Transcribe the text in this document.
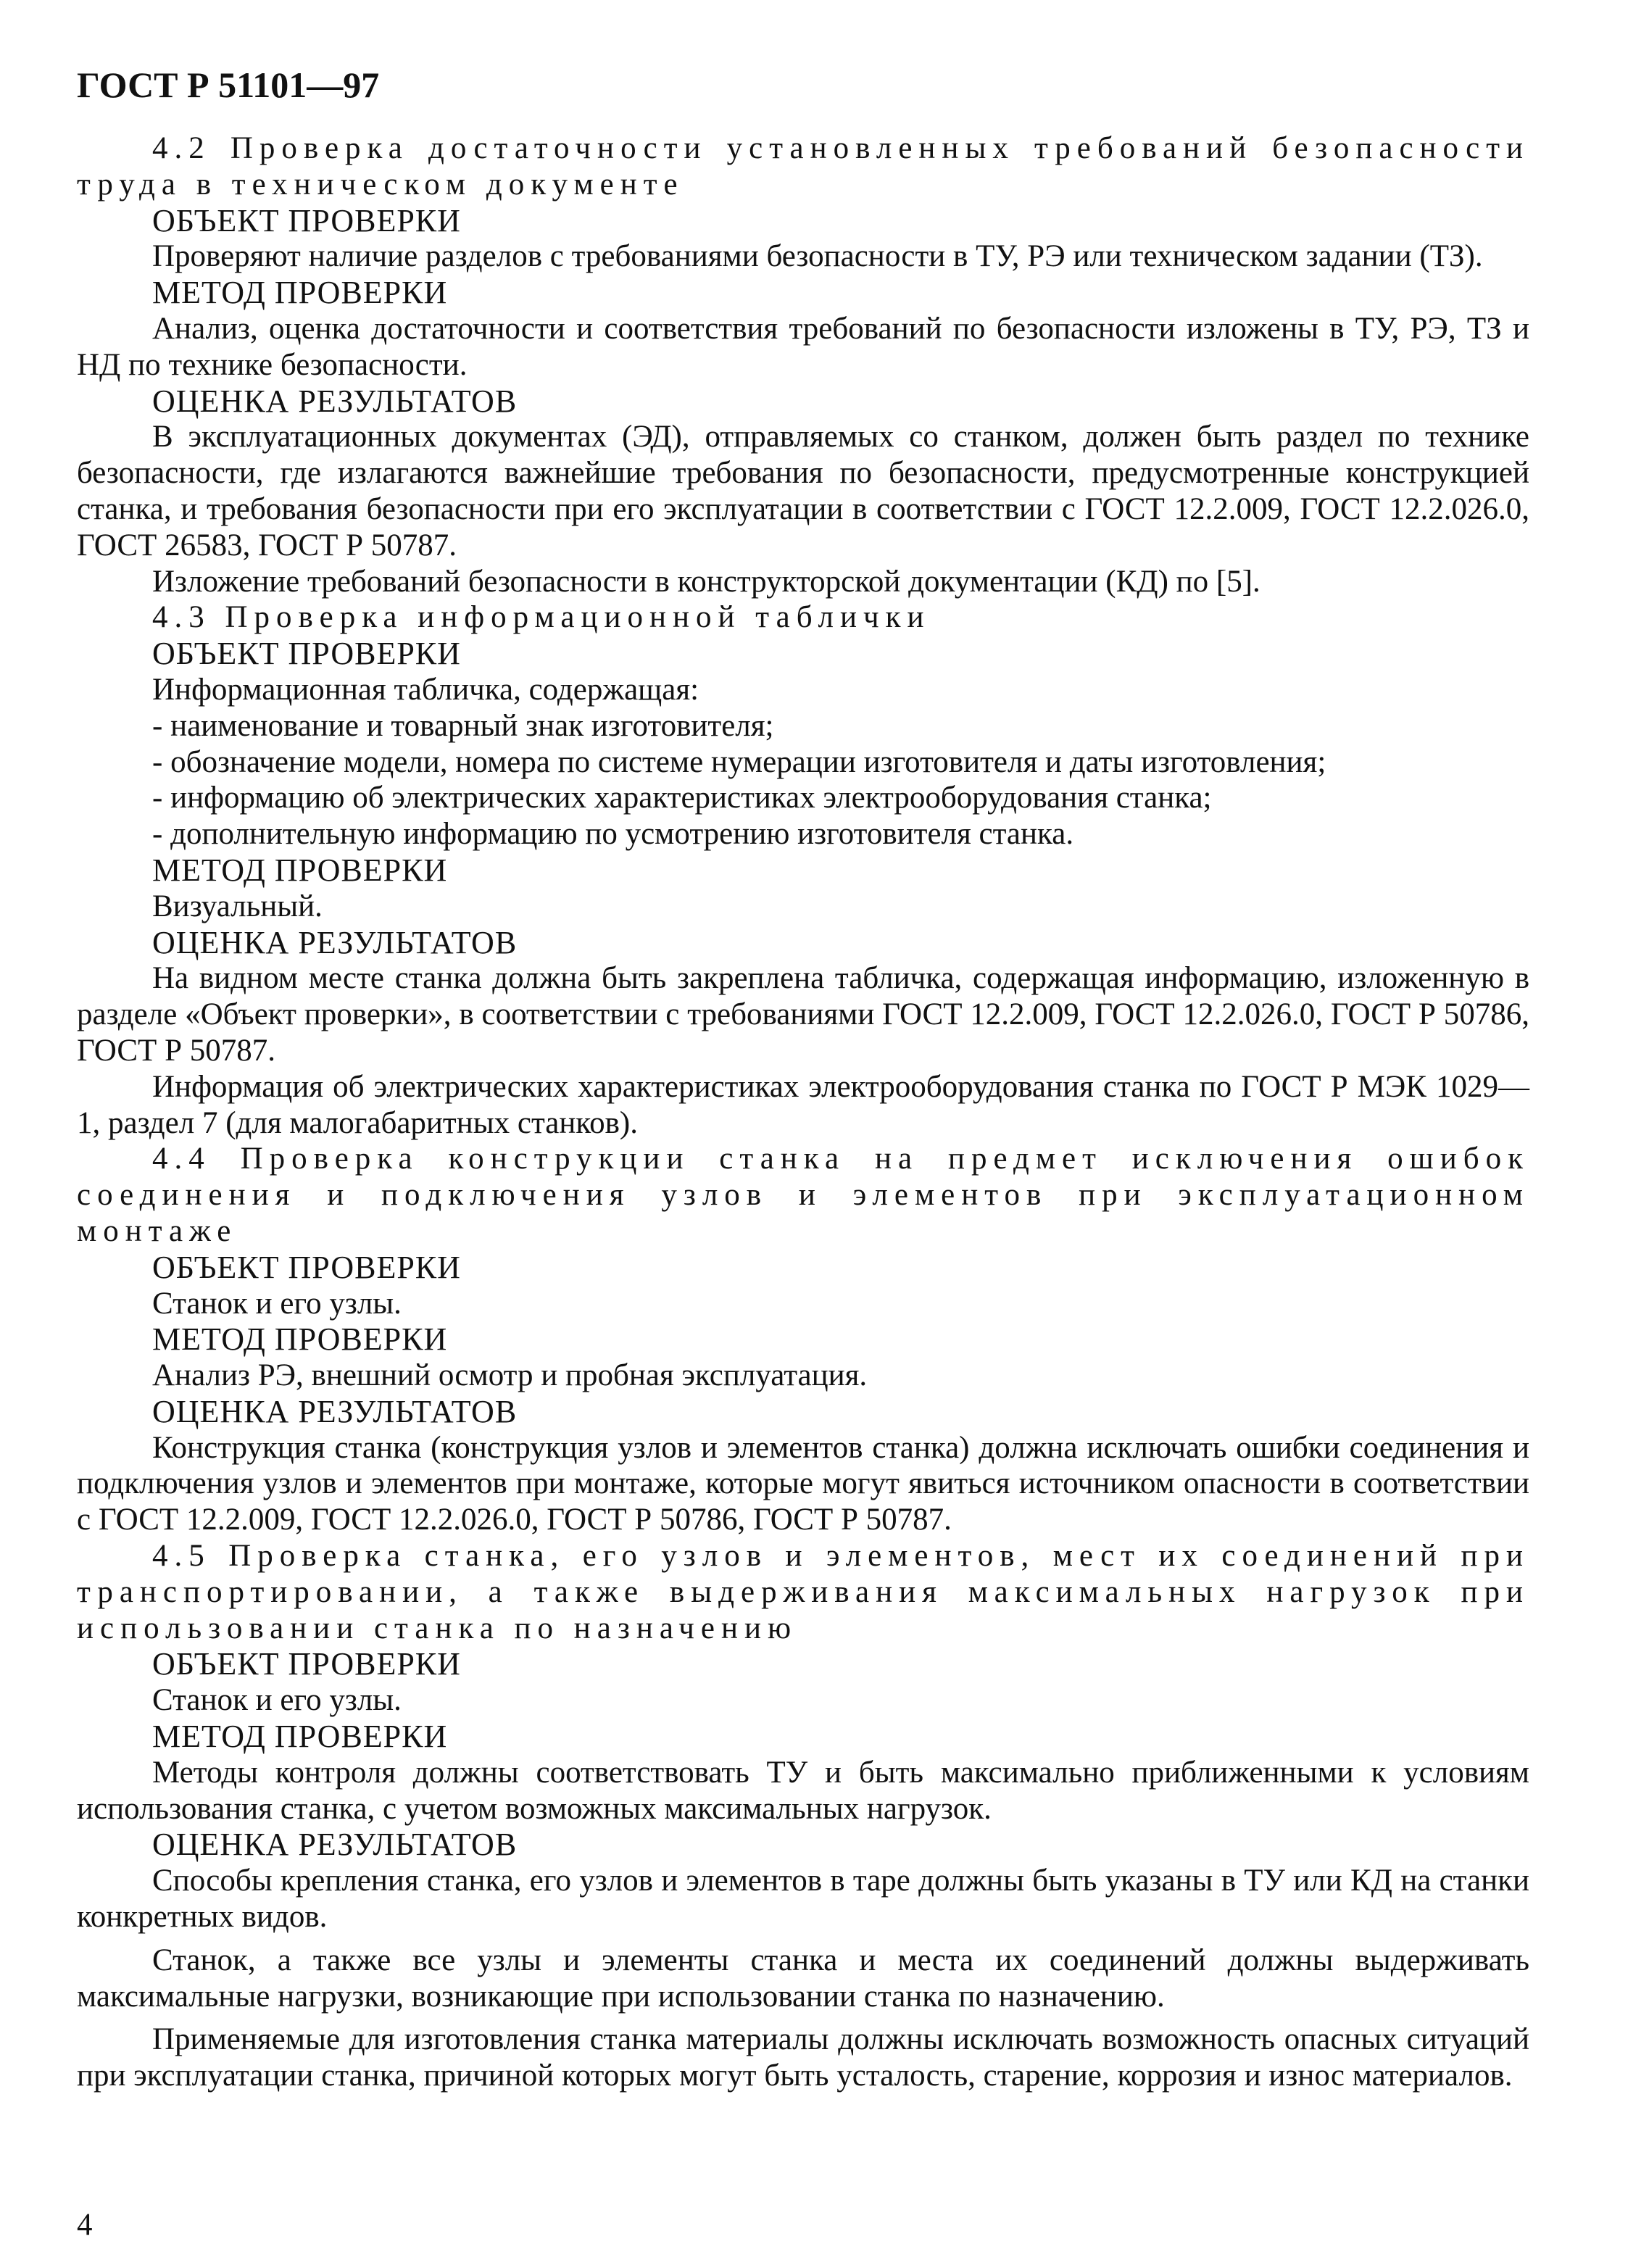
ГОСТ Р 51101—97

4.2 Проверка достаточности установленных требований безопасности труда в техническом документе

ОБЪЕКТ ПРОВЕРКИ

Проверяют наличие разделов с требованиями безопасности в ТУ, РЭ или техническом задании (ТЗ).

МЕТОД ПРОВЕРКИ

Анализ, оценка достаточности и соответствия требований по безопасности изложены в ТУ, РЭ, ТЗ и НД по технике безопасности.

ОЦЕНКА РЕЗУЛЬТАТОВ

В эксплуатационных документах (ЭД), отправляемых со станком, должен быть раздел по технике безопасности, где излагаются важнейшие требования по безопасности, предусмотренные конструкцией станка, и требования безопасности при его эксплуатации в соответствии с ГОСТ 12.2.009, ГОСТ 12.2.026.0, ГОСТ 26583, ГОСТ Р 50787.

Изложение требований безопасности в конструкторской документации (КД) по [5].

4.3 Проверка информационной таблички

ОБЪЕКТ ПРОВЕРКИ

Информационная табличка, содержащая:

- наименование и товарный знак изготовителя;

- обозначение модели, номера по системе нумерации изготовителя и даты изготовления;

- информацию об электрических характеристиках электрооборудования станка;

- дополнительную информацию по усмотрению изготовителя станка.

МЕТОД ПРОВЕРКИ

Визуальный.

ОЦЕНКА РЕЗУЛЬТАТОВ

На видном месте станка должна быть закреплена табличка, содержащая информацию, изложенную в разделе «Объект проверки», в соответствии с требованиями ГОСТ 12.2.009, ГОСТ 12.2.026.0, ГОСТ Р 50786, ГОСТ Р 50787.

Информация об электрических характеристиках электрооборудования станка по ГОСТ Р МЭК 1029—1, раздел 7 (для малогабаритных станков).

4.4 Проверка конструкции станка на предмет исключения ошибок соединения и подключения узлов и элементов при эксплуатационном монтаже

ОБЪЕКТ ПРОВЕРКИ

Станок и его узлы.

МЕТОД ПРОВЕРКИ

Анализ РЭ, внешний осмотр и пробная эксплуатация.

ОЦЕНКА РЕЗУЛЬТАТОВ

Конструкция станка (конструкция узлов и элементов станка) должна исключать ошибки соединения и подключения узлов и элементов при монтаже, которые могут явиться источником опасности в соответствии с ГОСТ 12.2.009, ГОСТ 12.2.026.0, ГОСТ Р 50786, ГОСТ Р 50787.

4.5 Проверка станка, его узлов и элементов, мест их соединений при транспортировании, а также выдерживания максимальных нагрузок при использовании станка по назначению

ОБЪЕКТ ПРОВЕРКИ

Станок и его узлы.

МЕТОД ПРОВЕРКИ

Методы контроля должны соответствовать ТУ и быть максимально приближенными к условиям использования станка, с учетом возможных максимальных нагрузок.

ОЦЕНКА РЕЗУЛЬТАТОВ

Способы крепления станка, его узлов и элементов в таре должны быть указаны в ТУ или КД на станки конкретных видов.

Станок, а также все узлы и элементы станка и места их соединений должны выдерживать максимальные нагрузки, возникающие при использовании станка по назначению.

Применяемые для изготовления станка материалы должны исключать возможность опасных ситуаций при эксплуатации станка, причиной которых могут быть усталость, старение, коррозия и износ материалов.

4
